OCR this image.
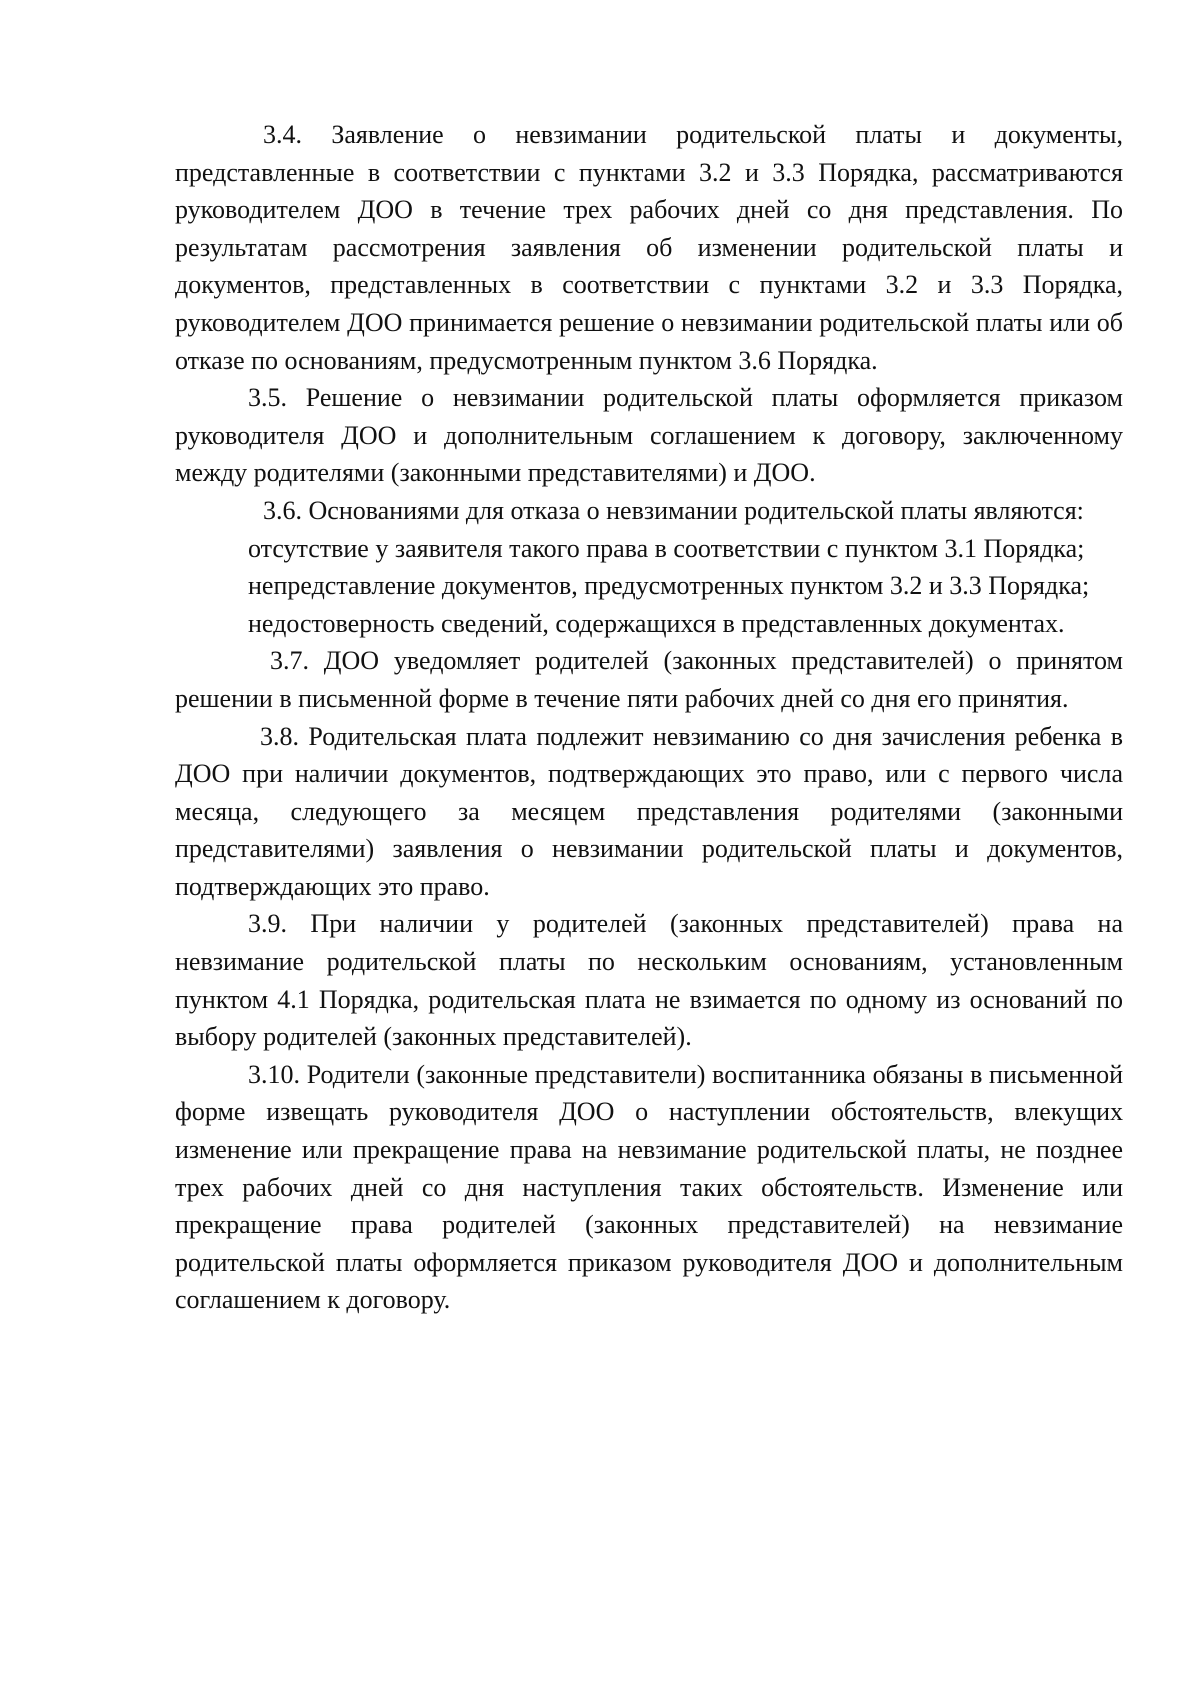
3.4. Заявление о невзимании родительской платы и документы, представленные в соответствии с пунктами 3.2 и 3.3 Порядка, рассматриваются руководителем ДОО в течение трех рабочих дней со дня представления. По результатам рассмотрения заявления об изменении родительской платы и документов, представленных в соответствии с пунктами 3.2 и 3.3 Порядка, руководителем ДОО принимается решение о невзимании родительской платы или об отказе по основаниям, предусмотренным пунктом 3.6 Порядка.

3.5. Решение о невзимании родительской платы оформляется приказом руководителя ДОО и дополнительным соглашением к договору, заключенному между родителями (законными представителями) и ДОО.

3.6. Основаниями для отказа о невзимании родительской платы являются:

отсутствие у заявителя такого права в соответствии с пунктом 3.1 Порядка;

непредставление документов, предусмотренных пунктом 3.2 и 3.3 Порядка;

недостоверность сведений, содержащихся в представленных документах.

3.7. ДОО уведомляет родителей (законных представителей) о принятом решении в письменной форме в течение пяти рабочих дней со дня его принятия.

3.8. Родительская плата подлежит невзиманию со дня зачисления ребенка в ДОО при наличии документов, подтверждающих это право, или с первого числа месяца, следующего за месяцем представления родителями (законными представителями) заявления о невзимании родительской платы и документов, подтверждающих это право.

3.9. При наличии у родителей (законных представителей) права на невзимание родительской платы по нескольким основаниям, установленным пунктом 4.1 Порядка, родительская плата не взимается по одному из оснований по выбору родителей (законных представителей).

3.10. Родители (законные представители) воспитанника обязаны в письменной форме извещать руководителя ДОО о наступлении обстоятельств, влекущих изменение или прекращение права на невзимание родительской платы, не позднее трех рабочих дней со дня наступления таких обстоятельств. Изменение или прекращение права родителей (законных представителей) на невзимание родительской платы оформляется приказом руководителя ДОО и дополнительным соглашением к договору.
